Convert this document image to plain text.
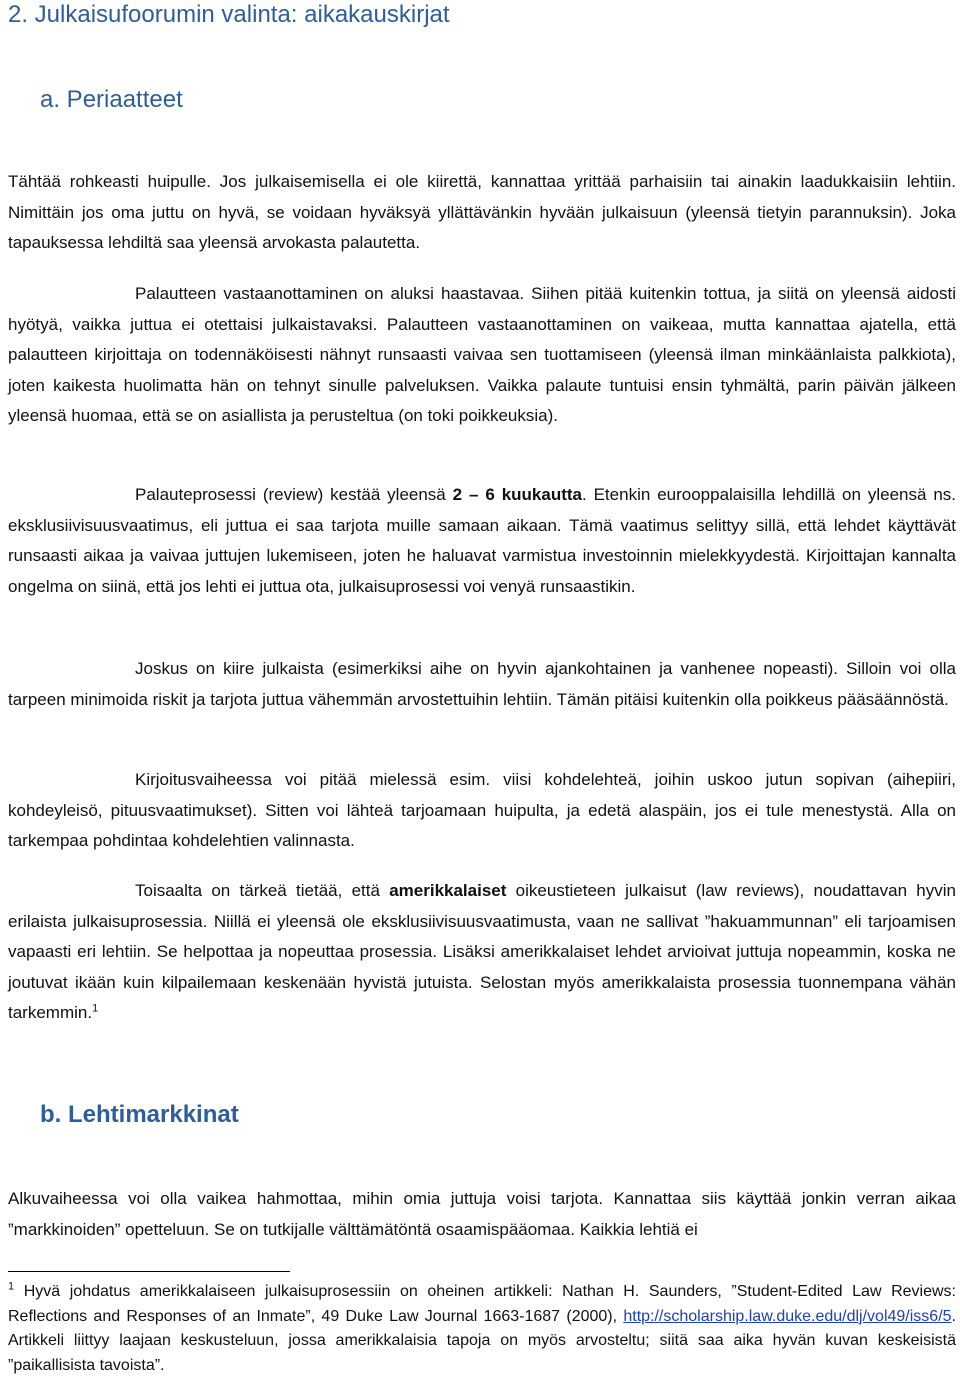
2. Julkaisufoorumin valinta: aikakauskirjat
a. Periaatteet

Tähtää rohkeasti huipulle. Jos julkaisemisella ei ole kiirettä, kannattaa yrittää parhaisiin tai ainakin laadukkaisiin lehtiin. Nimittäin jos oma juttu on hyvä, se voidaan hyväksyä yllättävänkin hyvään julkaisuun (yleensä tietyin parannuksin). Joka tapauksessa lehdiltä saa yleensä arvokasta palautetta.

Palautteen vastaanottaminen on aluksi haastavaa. Siihen pitää kuitenkin tottua, ja siitä on yleensä aidosti hyötyä, vaikka juttua ei otettaisi julkaistavaksi. Palautteen vastaanottaminen on vaikeaa, mutta kannattaa ajatella, että palautteen kirjoittaja on todennäköisesti nähnyt runsaasti vaivaa sen tuottamiseen (yleensä ilman minkäänlaista palkkiota), joten kaikesta huolimatta hän on tehnyt sinulle palveluksen. Vaikka palaute tuntuisi ensin tyhmältä, parin päivän jälkeen yleensä huomaa, että se on asiallista ja perusteltua (on toki poikkeuksia).

Palauteprosessi (review) kestää yleensä 2 – 6 kuukautta. Etenkin eurooppalaisilla lehdillä on yleensä ns. eksklusiivisuusvaatimus, eli juttua ei saa tarjota muille samaan aikaan. Tämä vaatimus selittyy sillä, että lehdet käyttävät runsaasti aikaa ja vaivaa juttujen lukemiseen, joten he haluavat varmistua investoinnin mielekkyydestä. Kirjoittajan kannalta ongelma on siinä, että jos lehti ei juttua ota, julkaisuprosessi voi venyä runsaastikin.

Joskus on kiire julkaista (esimerkiksi aihe on hyvin ajankohtainen ja vanhenee nopeasti). Silloin voi olla tarpeen minimoida riskit ja tarjota juttua vähemmän arvostettuihin lehtiin. Tämän pitäisi kuitenkin olla poikkeus pääsäännöstä.

Kirjoitusvaiheessa voi pitää mielessä esim. viisi kohdelehteä, joihin uskoo jutun sopivan (aihepiiri, kohdeyleisö, pituusvaatimukset). Sitten voi lähteä tarjoamaan huipulta, ja edetä alaspäin, jos ei tule menestystä. Alla on tarkempaa pohdintaa kohdelehtien valinnasta.

Toisaalta on tärkeä tietää, että amerikkalaiset oikeustieteen julkaisut (law reviews), noudattavan hyvin erilaista julkaisuprosessia. Niillä ei yleensä ole eksklusiivisuusvaatimusta, vaan ne sallivat ”hakuammunnan” eli tarjoamisen vapaasti eri lehtiin. Se helpottaa ja nopeuttaa prosessia. Lisäksi amerikkalaiset lehdet arvioivat juttuja nopeammin, koska ne joutuvat ikään kuin kilpailemaan keskenään hyvistä jutuista. Selostan myös amerikkalaista prosessia tuonnempana vähän tarkemmin.$^1$

b. Lehtimarkkinat

Alkuvaiheessa voi olla vaikea hahmottaa, mihin omia juttuja voisi tarjota. Kannattaa siis käyttää jonkin verran aikaa ”markkinoiden” opetteluun. Se on tutkijalle välttämätöntä osaamispääomaa. Kaikkia lehtiä ei

$^1$ Hyvä johdatus amerikkalaiseen julkaisuprosessiin on oheinen artikkeli: Nathan H. Saunders, ”Student-Edited Law Reviews: Reflections and Responses of an Inmate”, 49 Duke Law Journal 1663-1687 (2000), http://scholarship.law.duke.edu/dlj/vol49/iss6/5. Artikkeli liittyy laajaan keskusteluun, jossa amerikkalaisia tapoja on myös arvosteltu; siitä saa aika hyvän kuvan keskeisistä ”paikallisista tavoista”.
